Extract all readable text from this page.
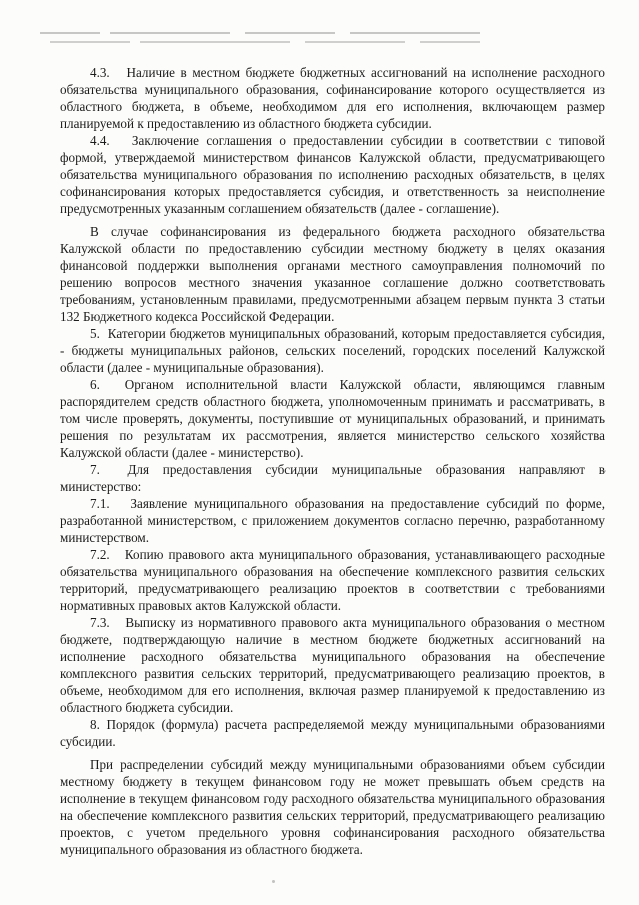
4.3.   Наличие в местном бюджете бюджетных ассигнований на исполнение расходного обязательства муниципального образования, софинансирование которого осуществляется из областного бюджета, в объеме, необходимом для его исполнения, включающем размер планируемой к предоставлению из областного бюджета субсидии.

4.4.   Заключение соглашения о предоставлении субсидии в соответствии с типовой формой, утверждаемой министерством финансов Калужской области, предусматривающего обязательства муниципального образования по исполнению расходных обязательств, в целях софинансирования которых предоставляется субсидия, и ответственность за неисполнение предусмотренных указанным соглашением обязательств (далее - соглашение).

В случае софинансирования из федерального бюджета расходного обязательства Калужской области по предоставлению субсидии местному бюджету в целях оказания финансовой поддержки выполнения органами местного самоуправления полномочий по решению вопросов местного значения указанное соглашение должно соответствовать требованиям, установленным правилами, предусмотренными абзацем первым пункта 3 статьи 132 Бюджетного кодекса Российской Федерации.

5.  Категории бюджетов муниципальных образований, которым предоставляется субсидия, - бюджеты муниципальных районов, сельских поселений, городских поселений Калужской области (далее - муниципальные образования).

6.  Органом исполнительной власти Калужской области, являющимся главным распорядителем средств областного бюджета, уполномоченным принимать и рассматривать, в том числе проверять, документы, поступившие от муниципальных образований, и принимать решения по результатам их рассмотрения, является министерство сельского хозяйства Калужской области (далее - министерство).

7.  Для предоставления субсидии муниципальные образования направляют в министерство:

7.1.   Заявление муниципального образования на предоставление субсидий по форме, разработанной министерством, с приложением документов согласно перечню, разработанному министерством.

7.2.   Копию правового акта муниципального образования, устанавливающего расходные обязательства муниципального образования на обеспечение комплексного развития сельских территорий, предусматривающего реализацию проектов в соответствии с требованиями нормативных правовых актов Калужской области.

7.3.   Выписку из нормативного правового акта муниципального образования о местном бюджете, подтверждающую наличие в местном бюджете бюджетных ассигнований на исполнение расходного обязательства муниципального образования на обеспечение комплексного развития сельских территорий, предусматривающего реализацию проектов, в объеме, необходимом для его исполнения, включая размер планируемой к предоставлению из областного бюджета субсидии.

8. Порядок (формула) расчета распределяемой между муниципальными образованиями субсидии.

При распределении субсидий между муниципальными образованиями объем субсидии местному бюджету в текущем финансовом году не может превышать объем средств на исполнение в текущем финансовом году расходного обязательства муниципального образования на обеспечение комплексного развития сельских территорий, предусматривающего реализацию проектов, с учетом предельного уровня софинансирования расходного обязательства муниципального образования из областного бюджета.
